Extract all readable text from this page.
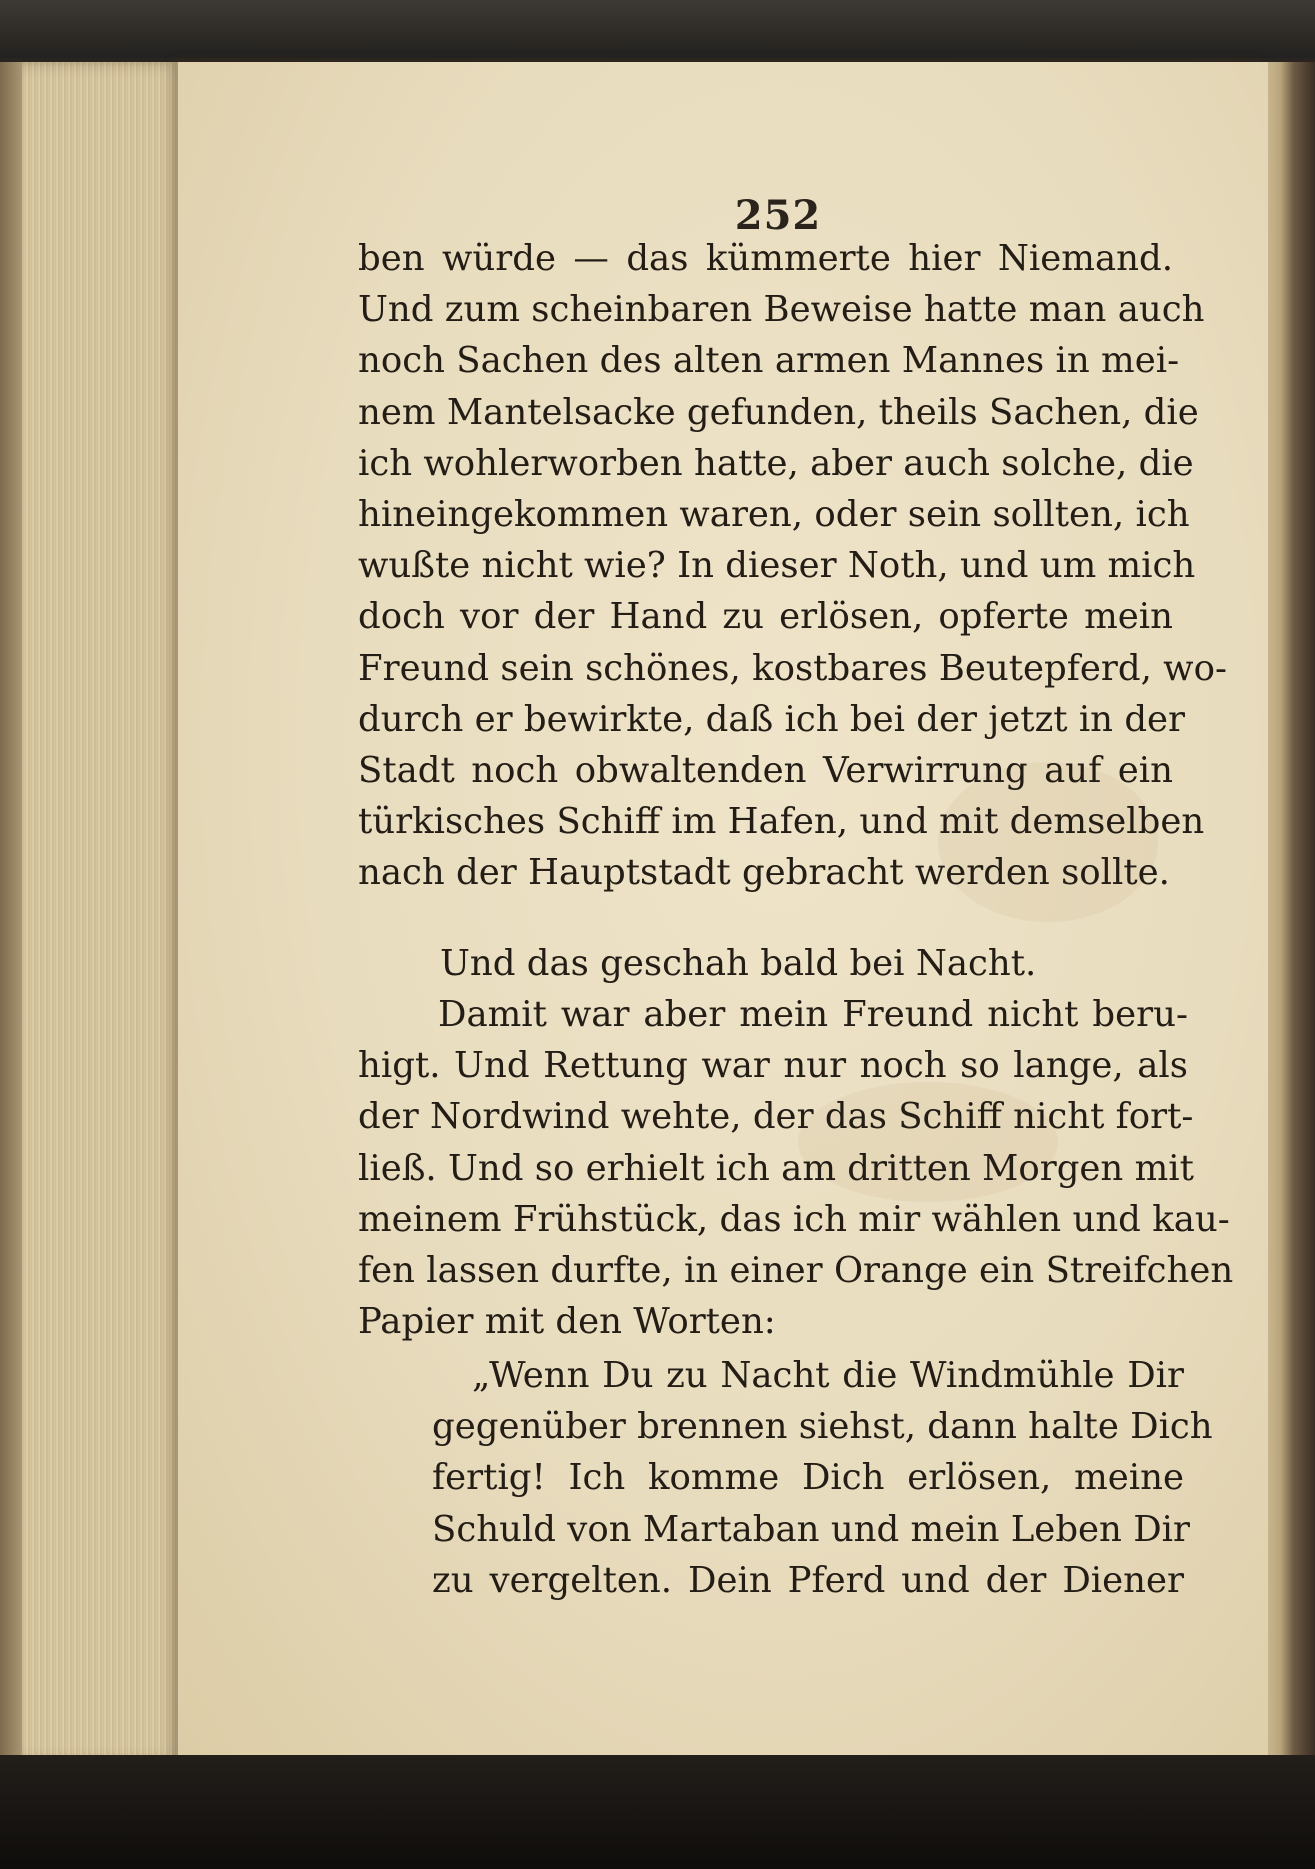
252
ben würde — das kümmerte hier Niemand.
Und zum scheinbaren Beweise hatte man auch
noch Sachen des alten armen Mannes in mei-
nem Mantelsacke gefunden, theils Sachen, die
ich wohlerworben hatte, aber auch solche, die
hineingekommen waren, oder sein sollten, ich
wußte nicht wie? In dieser Noth, und um mich
doch vor der Hand zu erlösen, opferte mein
Freund sein schönes, kostbares Beutepferd, wo-
durch er bewirkte, daß ich bei der jetzt in der
Stadt noch obwaltenden Verwirrung auf ein
türkisches Schiff im Hafen, und mit demselben
nach der Hauptstadt gebracht werden sollte.
Und das geschah bald bei Nacht.
Damit war aber mein Freund nicht beru-
higt. Und Rettung war nur noch so lange, als
der Nordwind wehte, der das Schiff nicht fort-
ließ. Und so erhielt ich am dritten Morgen mit
meinem Frühstück, das ich mir wählen und kau-
fen lassen durfte, in einer Orange ein Streifchen
Papier mit den Worten:
„Wenn Du zu Nacht die Windmühle Dir
gegenüber brennen siehst, dann halte Dich
fertig! Ich komme Dich erlösen, meine
Schuld von Martaban und mein Leben Dir
zu vergelten. Dein Pferd und der Diener
